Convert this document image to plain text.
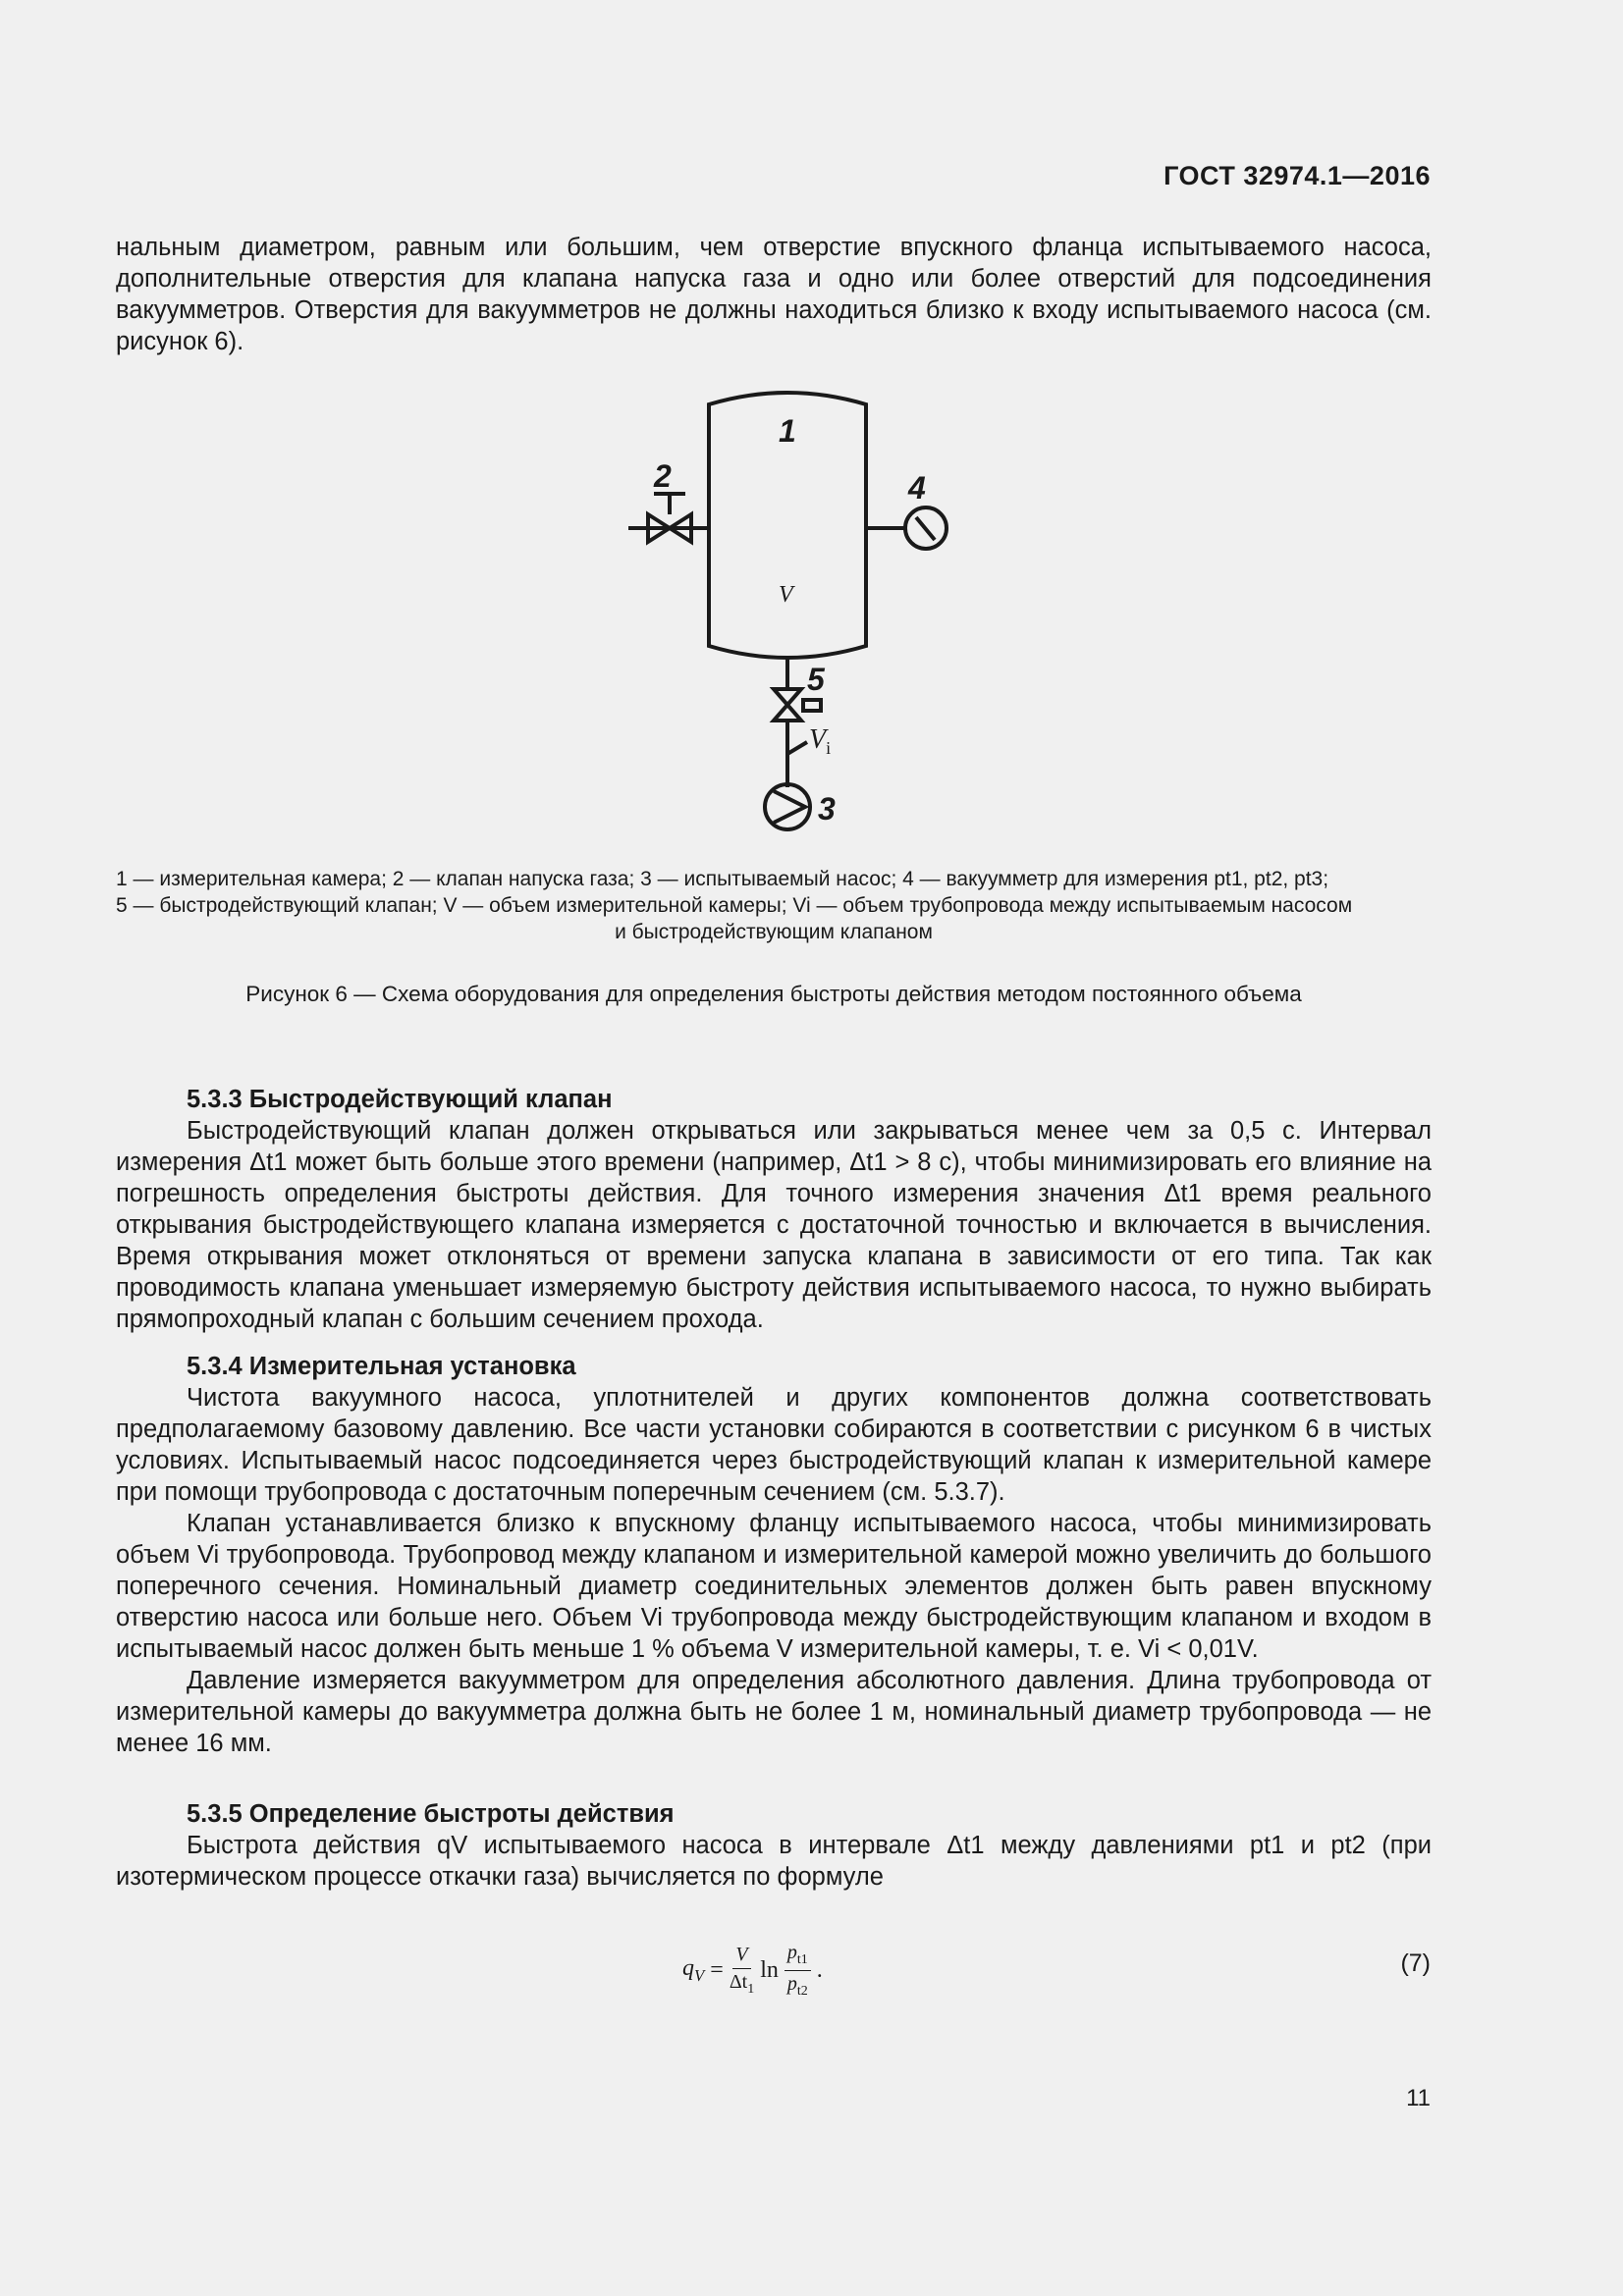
ГОСТ 32974.1—2016

нальным диаметром, равным или большим, чем отверстие впускного фланца испытываемого насоса, дополнительные отверстия для клапана напуска газа и одно или более отверстий для подсоединения вакуумметров. Отверстия для вакуумметров не должны находиться близко к входу испытываемого насоса (см. рисунок 6).

1
2	4
5
3
V
$V_i$
1 — измерительная камера; 2 — клапан напуска газа; 3 — испытываемый насос; 4 — вакуумметр для измерения pt1, pt2, pt3;
5 — быстродействующий клапан; V — объем измерительной камеры; Vi — объем трубопровода между испытываемым насосом
и быстродействующим клапаном
Рисунок 6 — Схема оборудования для определения быстроты действия методом постоянного объема

5.3.3 Быстродействующий клапан

Быстродействующий клапан должен открываться или закрываться менее чем за 0,5 с. Интервал измерения Δt1 может быть больше этого времени (например, Δt1 > 8 с), чтобы минимизировать его влияние на погрешность определения быстроты действия. Для точного измерения значения Δt1 время реального открывания быстродействующего клапана измеряется с достаточной точностью и включается в вычисления. Время открывания может отклоняться от времени запуска клапана в зависимости от его типа. Так как проводимость клапана уменьшает измеряемую быстроту действия испытываемого насоса, то нужно выбирать прямопроходный клапан с большим сечением прохода.

5.3.4 Измерительная установка

Чистота вакуумного насоса, уплотнителей и других компонентов должна соответствовать предполагаемому базовому давлению. Все части установки собираются в соответствии с рисунком 6 в чистых условиях. Испытываемый насос подсоединяется через быстродействующий клапан к измерительной камере при помощи трубопровода с достаточным поперечным сечением (см. 5.3.7).

Клапан устанавливается близко к впускному фланцу испытываемого насоса, чтобы минимизировать объем Vi трубопровода. Трубопровод между клапаном и измерительной камерой можно увеличить до большого поперечного сечения. Номинальный диаметр соединительных элементов должен быть равен впускному отверстию насоса или больше него. Объем Vi трубопровода между быстродействующим клапаном и входом в испытываемый насос должен быть меньше 1 % объема V измерительной камеры, т. е. Vi < 0,01V.

Давление измеряется вакуумметром для определения абсолютного давления. Длина трубопровода от измерительной камеры до вакуумметра должна быть не более 1 м, номинальный диаметр трубопровода — не менее 16 мм.

5.3.5 Определение быстроты действия

Быстрота действия qV испытываемого насоса в интервале Δt1 между давлениями pt1 и pt2 (при изотермическом процессе откачки газа) вычисляется по формуле

$q_V = \frac{V}{\Delta t_1}$ $\ln \frac{p_{t1}}{p_{t2}}$ .	(7)
11
